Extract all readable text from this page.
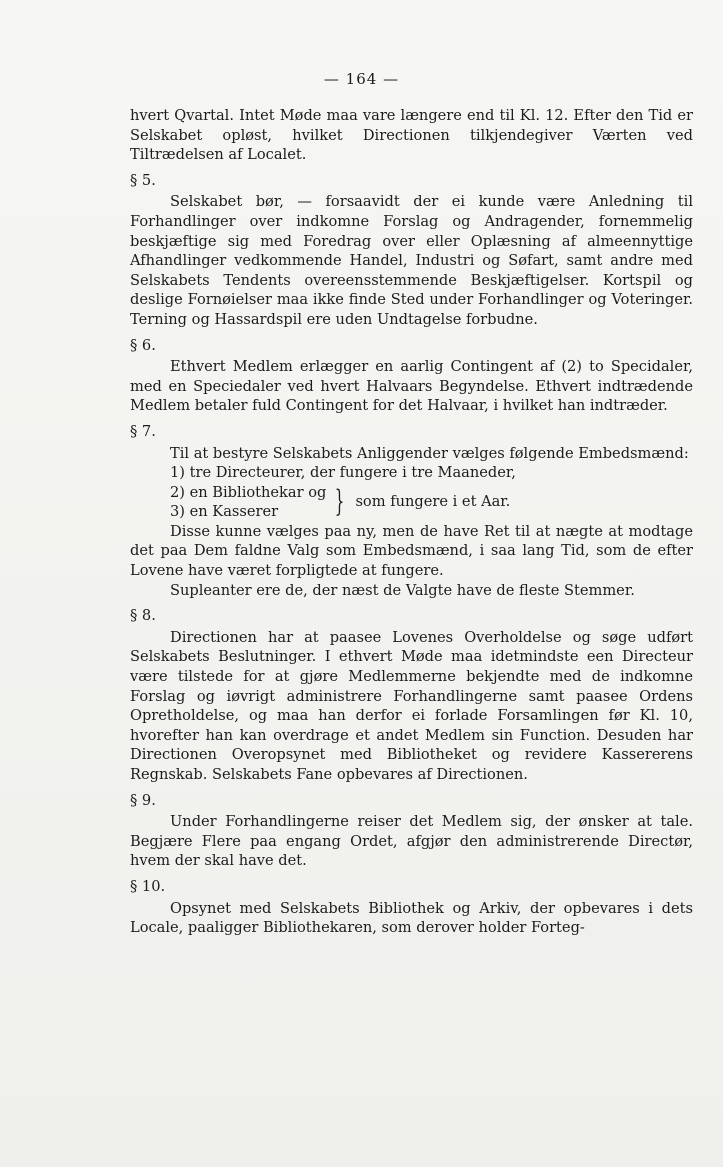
— 164 —

hvert Qvartal. Intet Møde maa vare længere end til Kl. 12. Efter den Tid er Selskabet opløst, hvilket Directionen tilkjendegiver Værten ved Tiltrædelsen af Localet.

§ 5.

Selskabet bør, — forsaavidt der ei kunde være Anledning til Forhandlinger over indkomne Forslag og Andragender, fornemmelig beskjæftige sig med Foredrag over eller Oplæsning af almeennyttige Afhandlinger vedkommende Handel, Industri og Søfart, samt andre med Selskabets Tendents overeensstemmende Beskjæftigelser. Kortspil og deslige Fornøielser maa ikke finde Sted under Forhandlinger og Voteringer. Terning og Hassardspil ere uden Undtagelse forbudne.

§ 6.

Ethvert Medlem erlægger en aarlig Contingent af (2) to Specidaler, med en Speciedaler ved hvert Halvaars Begyndelse. Ethvert indtrædende Medlem betaler fuld Contingent for det Halvaar, i hvilket han indtræder.

§ 7.

Til at bestyre Selskabets Anliggender vælges følgende Embedsmænd:

1) tre Directeurer, der fungere i tre Maaneder,

2) en Bibliothekar og
3) en Kasserer	} som fungere i et Aar.

Disse kunne vælges paa ny, men de have Ret til at nægte at modtage det paa Dem faldne Valg som Embedsmænd, i saa lang Tid, som de efter Lovene have været forpligtede at fungere.

Supleanter ere de, der næst de Valgte have de fleste Stemmer.

§ 8.

Directionen har at paasee Lovenes Overholdelse og søge udført Selskabets Beslutninger. I ethvert Møde maa idetmindste een Directeur være tilstede for at gjøre Medlemmerne bekjendte med de indkomne Forslag og iøvrigt administrere Forhandlingerne samt paasee Ordens Opretholdelse, og maa han derfor ei forlade Forsamlingen før Kl. 10, hvorefter han kan overdrage et andet Medlem sin Function. Desuden har Directionen Overopsynet med Bibliotheket og revidere Kassererens Regnskab. Selskabets Fane opbevares af Directionen.

§ 9.

Under Forhandlingerne reiser det Medlem sig, der ønsker at tale. Begjære Flere paa engang Ordet, afgjør den administrerende Directør, hvem der skal have det.

§ 10.

Opsynet med Selskabets Bibliothek og Arkiv, der opbevares i dets Locale, paaligger Bibliothekaren, som derover holder Forteg-
